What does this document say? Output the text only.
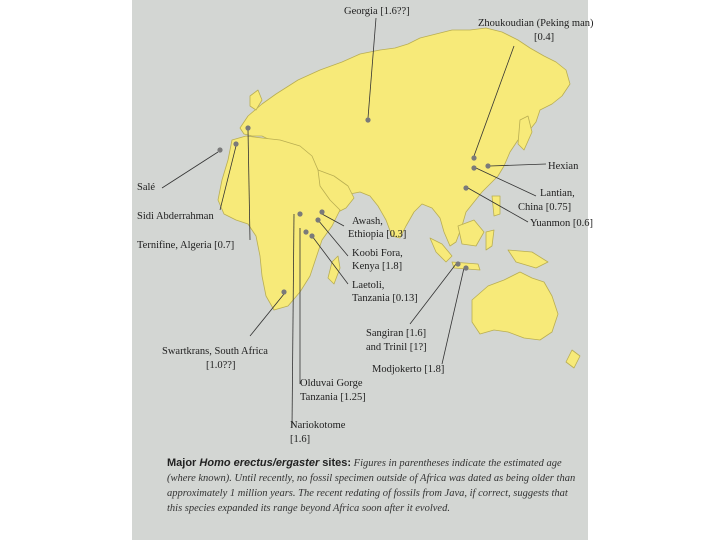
Georgia [1.6??]
Zhoukoudian (Peking man)
[0.4]
Hexian
Lantian,
China [0.75]
Yuanmon [0.6]
Salé
Sidi Abderrahman
Ternifine, Algeria [0.7]
Awash,
Ethiopia [0.3]
Koobi Fora,
Kenya [1.8]
Laetoli,
Tanzania [0.13]
Sangiran [1.6]
and Trinil [1?]
Modjokerto [1.8]
Swartkrans, South Africa
[1.0??]
Olduvai Gorge
Tanzania [1.25]
Nariokotome
[1.6]
Major Homo erectus/ergaster sites: Figures in parentheses indicate the estimated age (where known). Until recently, no fossil specimen outside of Africa was dated as being older than approximately 1 million years. The recent redating of fossils from Java, if correct, suggests that this species expanded its range beyond Africa soon after it evolved.
